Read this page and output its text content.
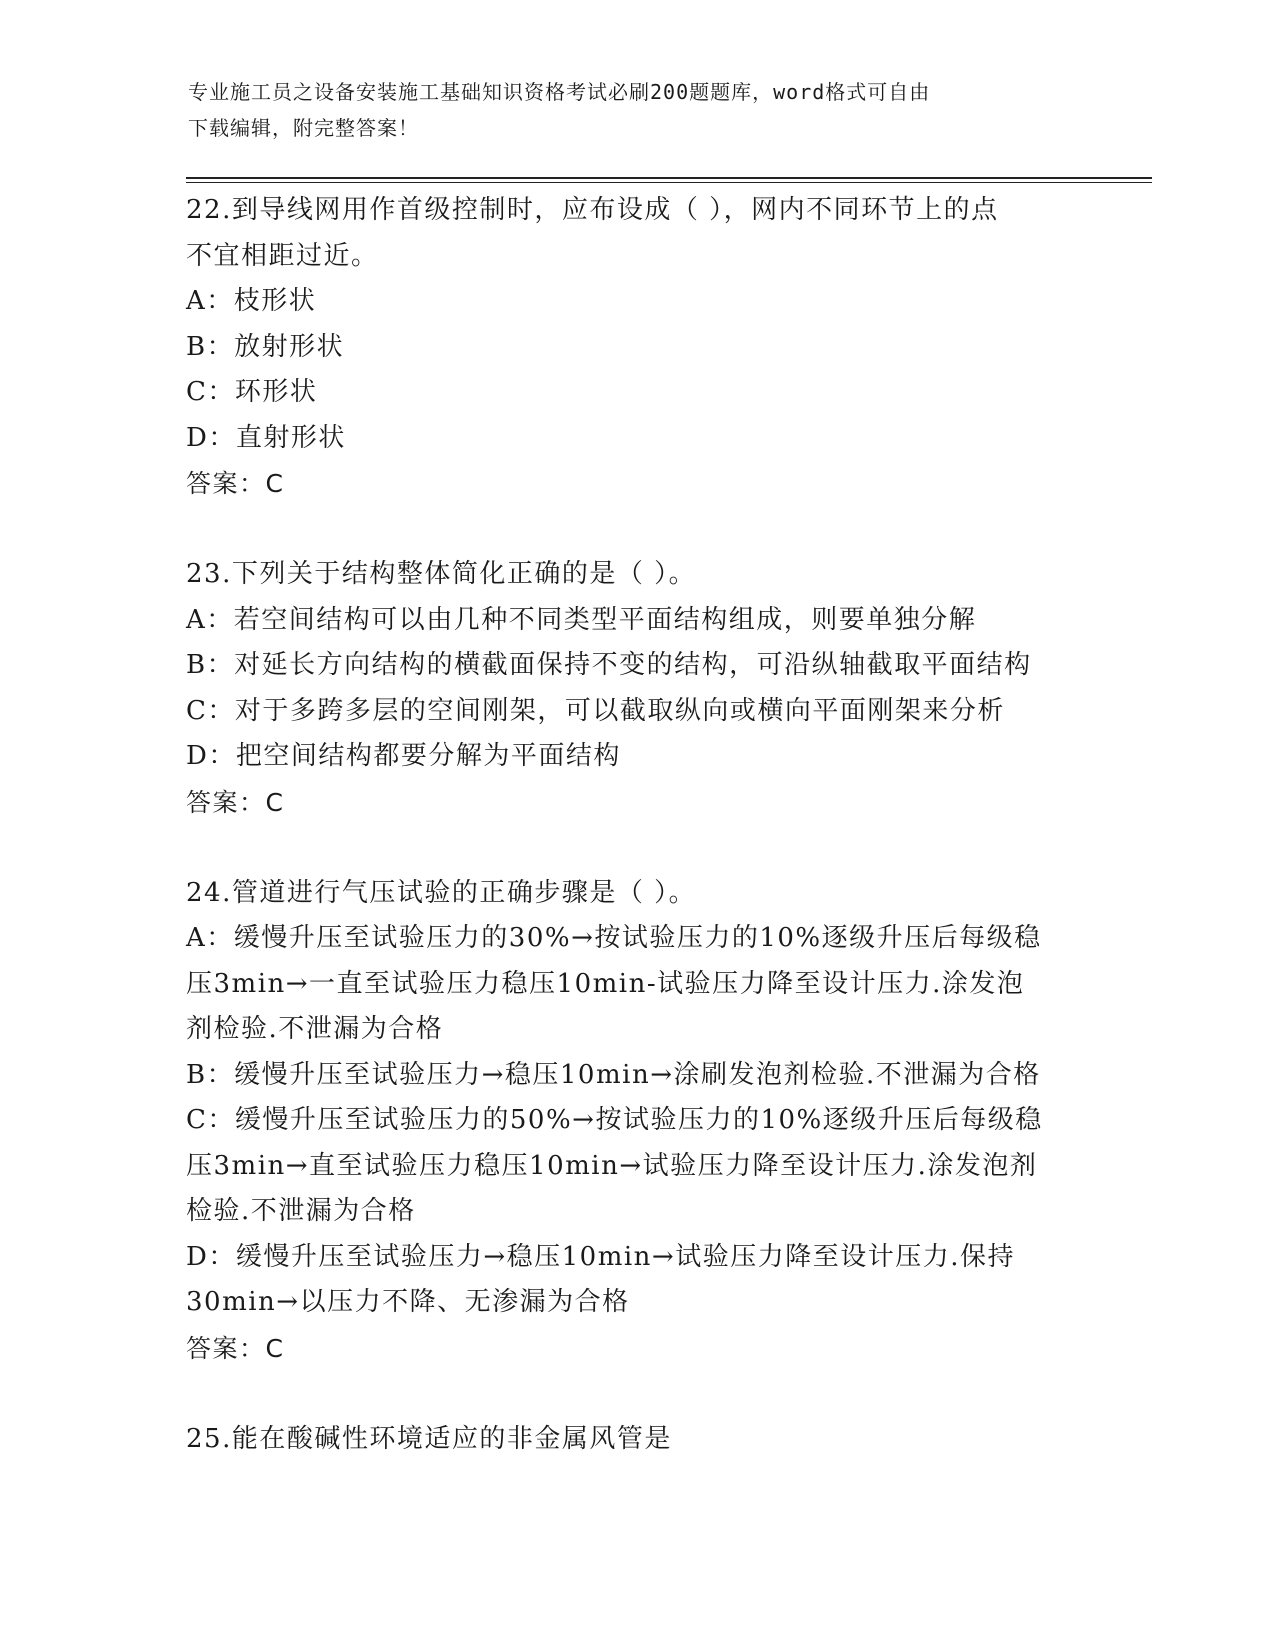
专业施工员之设备安装施工基础知识资格考试必刷200题题库，word格式可自由
下载编辑，附完整答案！
22.到导线网用作首级控制时，应布设成（ ），网内不同环节上的点
不宜相距过近。
A：枝形状
B：放射形状
C：环形状
D：直射形状
答案：C
23.下列关于结构整体简化正确的是（ ）。
A：若空间结构可以由几种不同类型平面结构组成，则要单独分解
B：对延长方向结构的横截面保持不变的结构，可沿纵轴截取平面结构
C：对于多跨多层的空间刚架，可以截取纵向或横向平面刚架来分析
D：把空间结构都要分解为平面结构
答案：C
24.管道进行气压试验的正确步骤是（ ）。
A：缓慢升压至试验压力的30%→按试验压力的10%逐级升压后每级稳
压3min→一直至试验压力稳压10min-试验压力降至设计压力.涂发泡
剂检验.不泄漏为合格
B：缓慢升压至试验压力→稳压10min→涂刷发泡剂检验.不泄漏为合格
C：缓慢升压至试验压力的50%→按试验压力的10%逐级升压后每级稳
压3min→直至试验压力稳压10min→试验压力降至设计压力.涂发泡剂
检验.不泄漏为合格
D：缓慢升压至试验压力→稳压10min→试验压力降至设计压力.保持
30min→以压力不降、无渗漏为合格
答案：C
25.能在酸碱性环境适应的非金属风管是
